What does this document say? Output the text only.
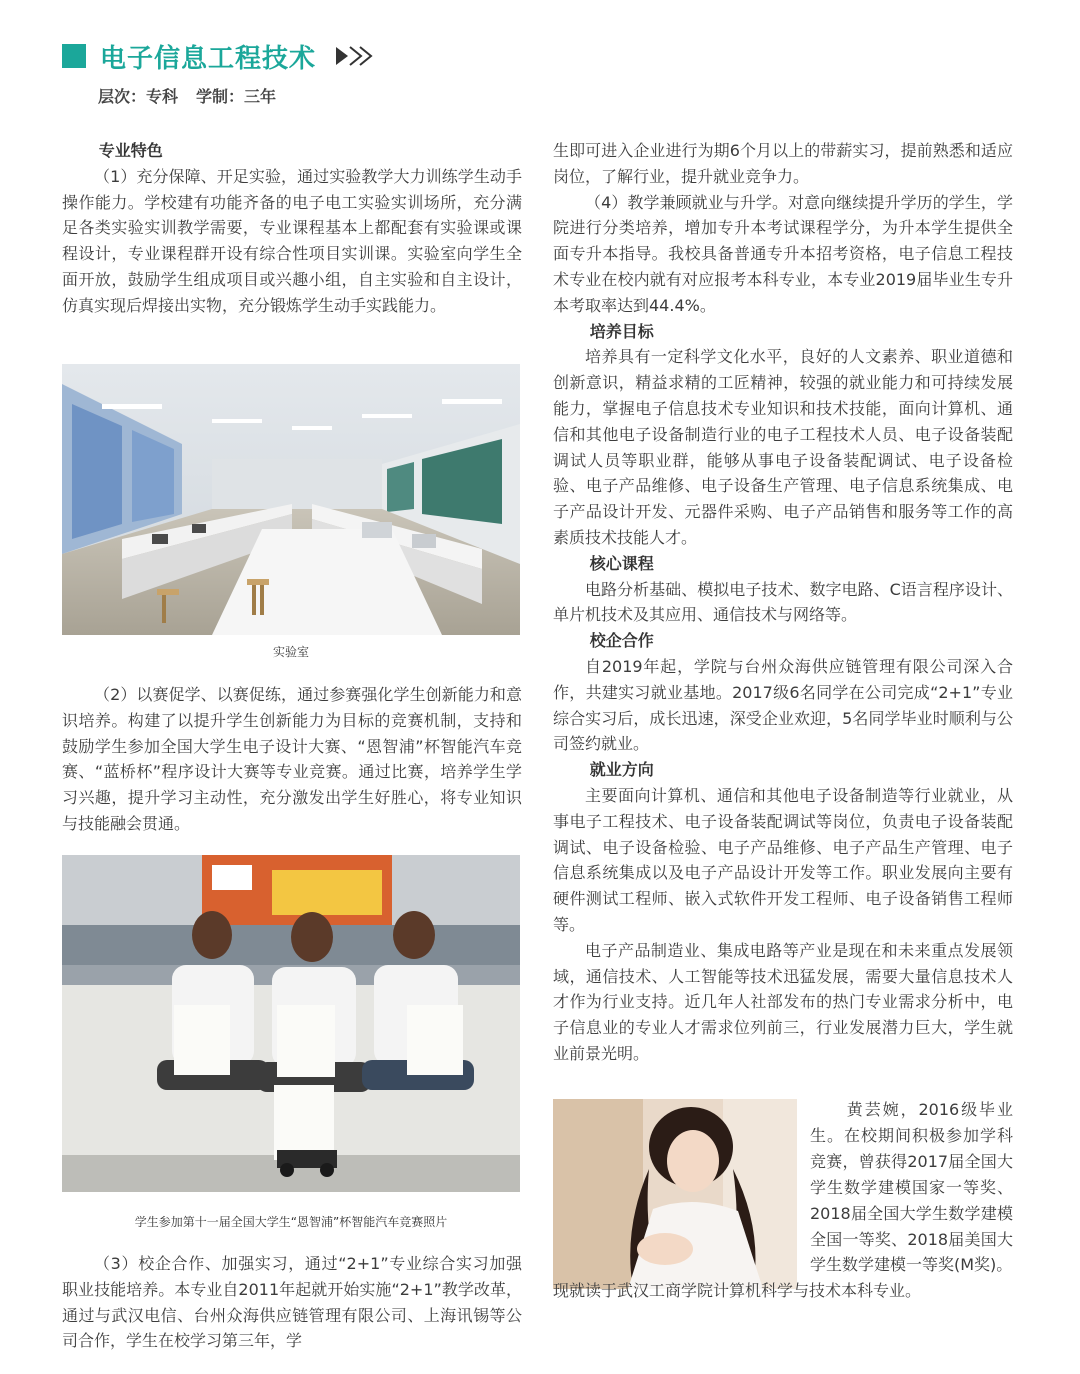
电子信息工程技术
层次：专科 学制：三年

专业特色

（1）充分保障、开足实验，通过实验教学大力训练学生动手操作能力。学校建有功能齐备的电子电工实验实训场所，充分满足各类实验实训教学需要，专业课程基本上都配套有实验课或课程设计，专业课程群开设有综合性项目实训课。实验室向学生全面开放，鼓励学生组成项目或兴趣小组，自主实验和自主设计，仿真实现后焊接出实物，充分锻炼学生动手实践能力。

实验室

（2）以赛促学、以赛促练，通过参赛强化学生创新能力和意识培养。构建了以提升学生创新能力为目标的竞赛机制，支持和鼓励学生参加全国大学生电子设计大赛、“恩智浦”杯智能汽车竞赛、“蓝桥杯”程序设计大赛等专业竞赛。通过比赛，培养学生学习兴趣，提升学习主动性，充分激发出学生好胜心，将专业知识与技能融会贯通。

学生参加第十一届全国大学生“恩智浦”杯智能汽车竞赛照片

（3）校企合作、加强实习，通过“2+1”专业综合实习加强职业技能培养。本专业自2011年起就开始实施“2+1”教学改革，通过与武汉电信、台州众海供应链管理有限公司、上海讯锡等公司合作，学生在校学习第三年，学

生即可进入企业进行为期6个月以上的带薪实习，提前熟悉和适应岗位，了解行业，提升就业竞争力。

（4）教学兼顾就业与升学。对意向继续提升学历的学生，学院进行分类培养，增加专升本考试课程学分，为升本学生提供全面专升本指导。我校具备普通专升本招考资格，电子信息工程技术专业在校内就有对应报考本科专业，本专业2019届毕业生专升本考取率达到44.4%。

培养目标

培养具有一定科学文化水平，良好的人文素养、职业道德和创新意识，精益求精的工匠精神，较强的就业能力和可持续发展能力，掌握电子信息技术专业知识和技术技能，面向计算机、通信和其他电子设备制造行业的电子工程技术人员、电子设备装配调试人员等职业群，能够从事电子设备装配调试、电子设备检验、电子产品维修、电子设备生产管理、电子信息系统集成、电子产品设计开发、元器件采购、电子产品销售和服务等工作的高素质技术技能人才。

核心课程

电路分析基础、模拟电子技术、数字电路、C语言程序设计、单片机技术及其应用、通信技术与网络等。

校企合作

自2019年起，学院与台州众海供应链管理有限公司深入合作，共建实习就业基地。2017级6名同学在公司完成“2+1”专业综合实习后，成长迅速，深受企业欢迎，5名同学毕业时顺利与公司签约就业。

就业方向

主要面向计算机、通信和其他电子设备制造等行业就业，从事电子工程技术、电子设备装配调试等岗位，负责电子设备装配调试、电子设备检验、电子产品维修、电子产品生产管理、电子信息系统集成以及电子产品设计开发等工作。职业发展向主要有硬件测试工程师、嵌入式软件开发工程师、电子设备销售工程师等。

电子产品制造业、集成电路等产业是现在和未来重点发展领域，通信技术、人工智能等技术迅猛发展，需要大量信息技术人才作为行业支持。近几年人社部发布的热门专业需求分析中，电子信息业的专业人才需求位列前三，行业发展潜力巨大，学生就业前景光明。

黄芸婉，2016级毕业生。在校期间积极参加学科竞赛，曾获得2017届全国大学生数学建模国家一等奖、2018届全国大学生数学建模全国一等奖、2018届美国大学生数学建模一等奖(M奖)。
现就读于武汉工商学院计算机科学与技术本科专业。
